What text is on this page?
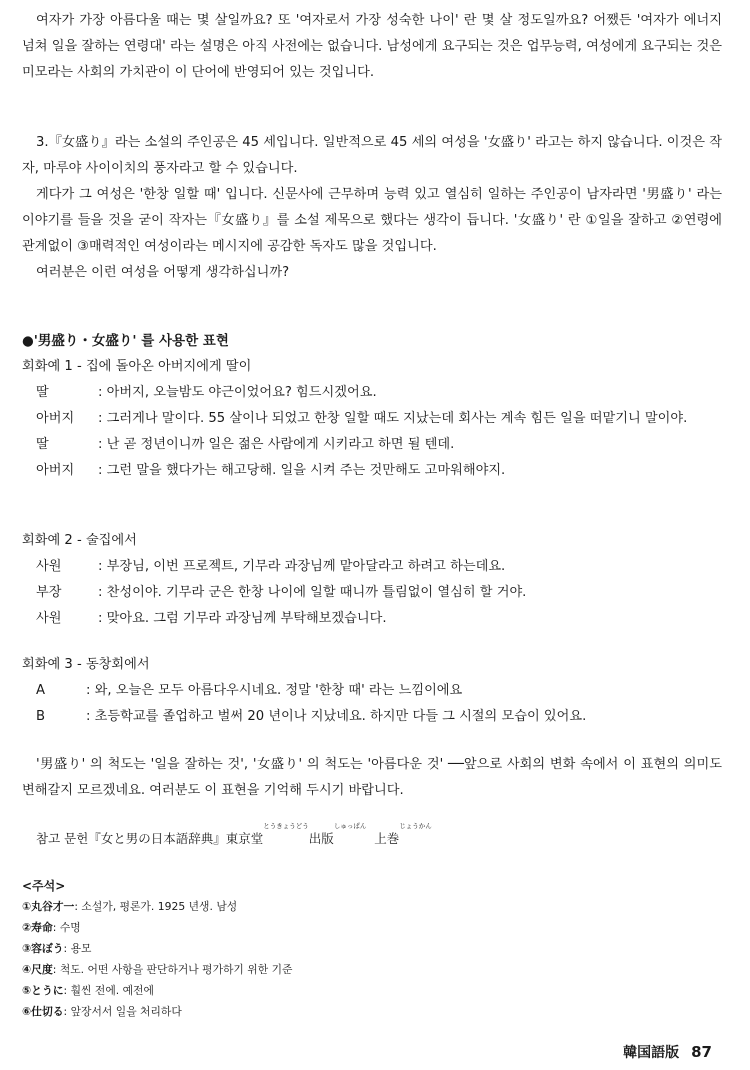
여자가 가장 아름다울 때는 몇 살일까요? 또 '여자로서 가장 성숙한 나이' 란 몇 살 정도일까요? 어쨌든 '여자가 에너지 넘쳐 일을 잘하는 연령대' 라는 설명은 아직 사전에는 없습니다. 남성에게 요구되는 것은 업무능력, 여성에게 요구되는 것은 미모라는 사회의 가치관이 이 단어에 반영되어 있는 것입니다.

3.『女盛り』라는 소설의 주인공은 45 세입니다. 일반적으로 45 세의 여성을 '女盛り' 라고는 하지 않습니다. 이것은 작자, 마루야 사이이치의 풍자라고 할 수 있습니다.

게다가 그 여성은 '한창 일할 때' 입니다. 신문사에 근무하며 능력 있고 열심히 일하는 주인공이 남자라면 '男盛り' 라는 이야기를 들을 것을 굳이 작자는『女盛り』를 소설 제목으로 했다는 생각이 듭니다. '女盛り' 란 ①일을 잘하고 ②연령에 관계없이 ③매력적인 여성이라는 메시지에 공감한 독자도 많을 것입니다.

여러분은 이런 여성을 어떻게 생각하십니까?

●'男盛り・女盛り' 를 사용한 표현

회화예 1 - 집에 돌아온 아버지에게 딸이

딸	: 아버지, 오늘밤도 야근이었어요? 힘드시겠어요.
아버지	: 그러게나 말이다. 55 살이나 되었고 한창 일할 때도 지났는데 회사는 계속 힘든 일을 떠맡기니 말이야.
딸	: 난 곧 정년이니까 일은 젊은 사람에게 시키라고 하면 될 텐데.
아버지	: 그런 말을 했다가는 해고당해. 일을 시켜 주는 것만해도 고마워해야지.

회화예 2 - 술집에서

사원	: 부장님, 이번 프로젝트, 기무라 과장님께 맡아달라고 하려고 하는데요.
부장	: 찬성이야. 기무라 군은 한창 나이에 일할 때니까 틀림없이 열심히 할 거야.
사원	: 맞아요. 그럼 기무라 과장님께 부탁해보겠습니다.

회화예 3 - 동창회에서

A	: 와, 오늘은 모두 아름다우시네요. 정말 '한창 때' 라는 느낌이에요
B	: 초등학교를 졸업하고 벌써 20 년이나 지났네요. 하지만 다들 그 시절의 모습이 있어요.

'男盛り' 의 척도는 '일을 잘하는 것', '女盛り' 의 척도는 '아름다운 것' ──앞으로 사회의 변화 속에서 이 표현의 의미도 변해갈지 모르겠네요. 여러분도 이 표현을 기억해 두시기 바랍니다.

참고 문헌『女と男の日本語辞典』東京堂とうきょうどう出版しゅっぱん  上巻じょうかん
<주석>
①丸谷才一: 소설가, 평론가. 1925 년생. 남성
②寿命: 수명
③容ぼう: 용모
④尺度: 척도. 어떤 사항을 판단하거나 평가하기 위한 기준
⑤とうに: 훨씬 전에. 예전에
⑥仕切る: 앞장서서 일을 처리하다
韓国語版 87
